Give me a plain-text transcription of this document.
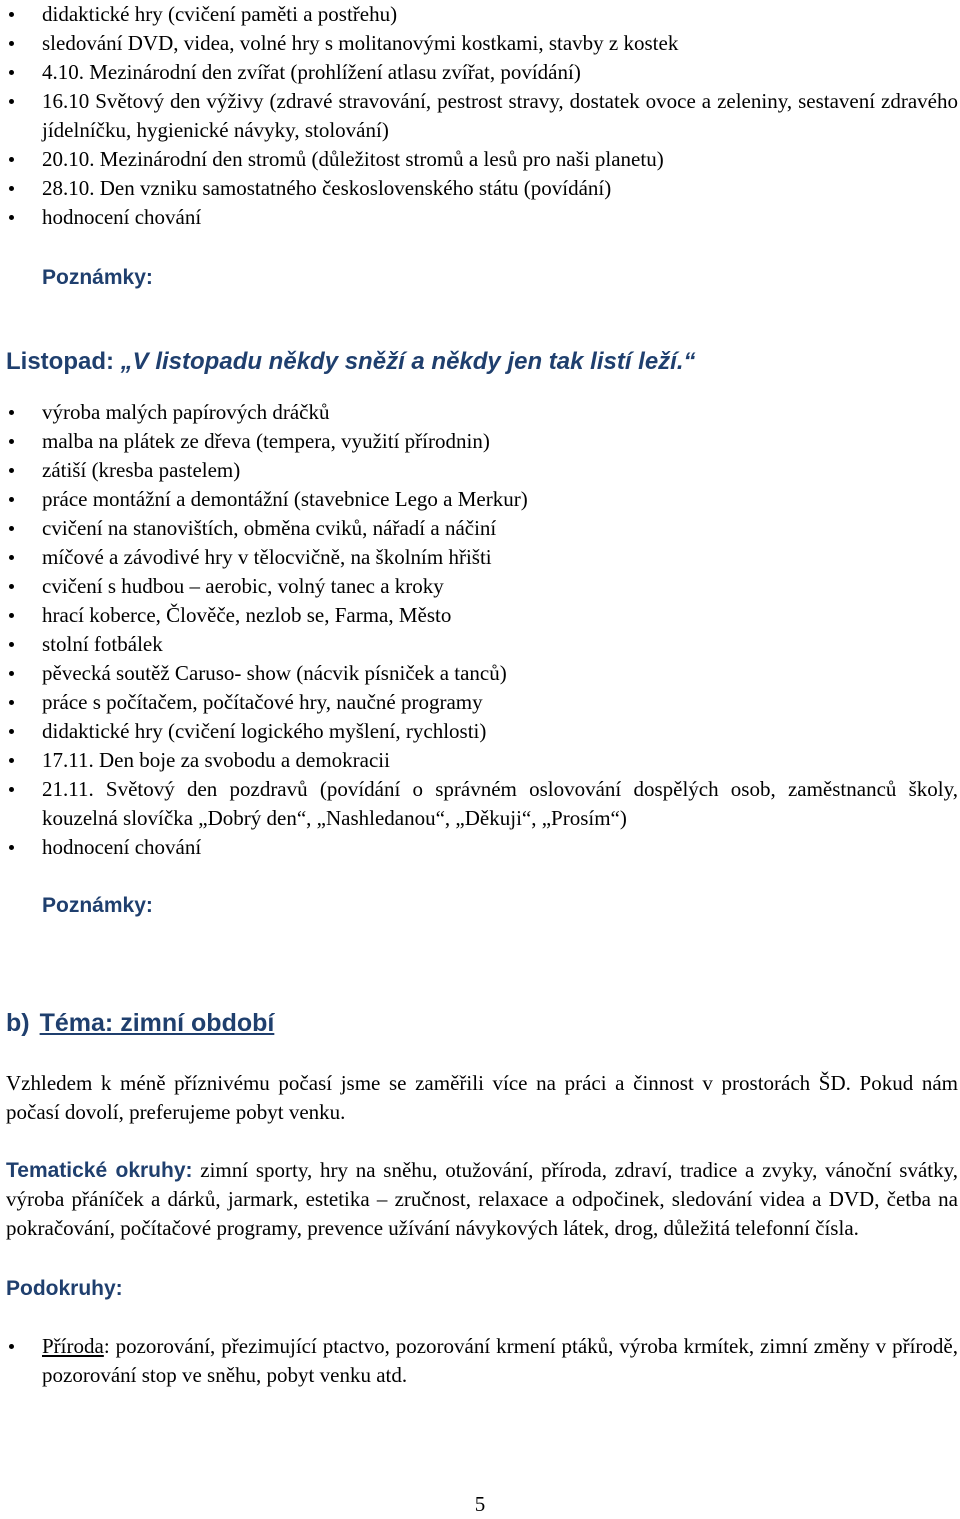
didaktické hry (cvičení paměti a postřehu)
sledování DVD, videa, volné hry s molitanovými kostkami, stavby z kostek
4.10. Mezinárodní den zvířat (prohlížení atlasu zvířat, povídání)
16.10 Světový den výživy (zdravé stravování, pestrost stravy, dostatek ovoce a zeleniny, sestavení zdravého jídelníčku, hygienické návyky, stolování)
20.10. Mezinárodní den stromů (důležitost stromů a lesů pro naši planetu)
28.10. Den vzniku samostatného československého státu (povídání)
hodnocení chování
Poznámky:
Listopad: „V listopadu někdy sněží a někdy jen tak listí leží.“
výroba malých papírových dráčků
malba na plátek ze dřeva (tempera, využití přírodnin)
zátiší (kresba pastelem)
práce montážní a demontážní (stavebnice Lego a Merkur)
cvičení na stanovištích, obměna cviků, nářadí a náčiní
míčové a závodivé hry v tělocvičně, na školním hřišti
cvičení s hudbou – aerobic, volný tanec a kroky
hrací koberce, Člověče, nezlob se, Farma, Město
stolní fotbálek
pěvecká soutěž Caruso- show (nácvik písniček a tanců)
práce s počítačem, počítačové hry, naučné programy
didaktické hry (cvičení logického myšlení, rychlosti)
17.11. Den boje za svobodu a demokracii
21.11. Světový den pozdravů (povídání o správném oslovování dospělých osob, zaměstnanců školy, kouzelná slovíčka „Dobrý den“, „Nashledanou“, „Děkuji“, „Prosím“)
hodnocení chování
Poznámky:
b) Téma: zimní období
Vzhledem k méně příznivému počasí jsme se zaměřili více na práci a činnost v prostorách ŠD. Pokud nám počasí dovolí, preferujeme pobyt venku.
Tematické okruhy: zimní sporty, hry na sněhu, otužování, příroda, zdraví, tradice a zvyky, vánoční svátky, výroba přáníček a dárků, jarmark, estetika – zručnost, relaxace a odpočinek, sledování videa a DVD, četba na pokračování, počítačové programy, prevence užívání návykových látek, drog, důležitá telefonní čísla.
Podokruhy:
Příroda: pozorování, přezimující ptactvo, pozorování krmení ptáků, výroba krmítek, zimní změny v přírodě, pozorování stop ve sněhu, pobyt venku atd.
5
